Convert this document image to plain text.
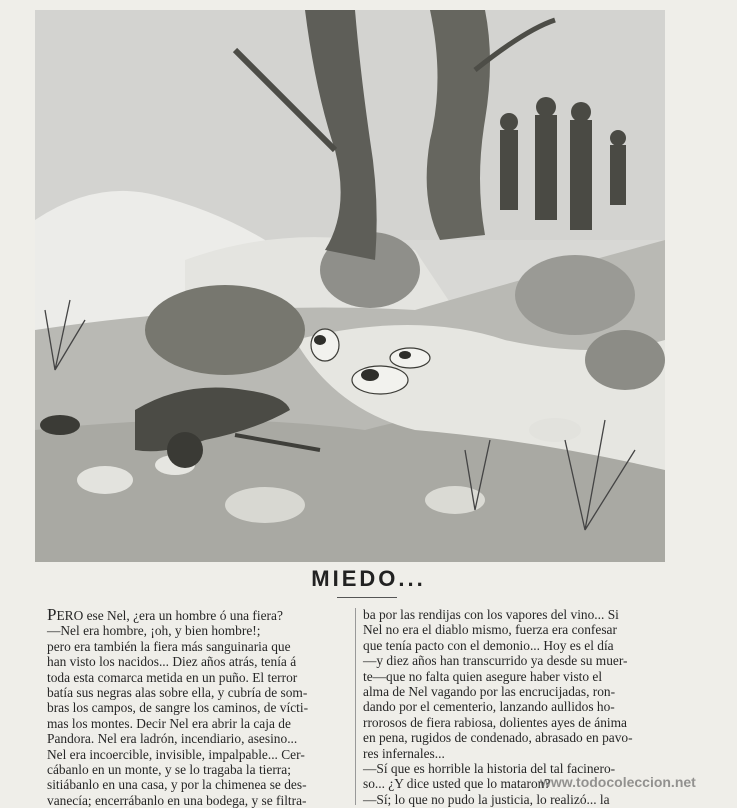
MIEDO...

PERO ese Nel, ¿era un hombre ó una fiera?

—Nel era hombre, ¡oh, y bien hombre!;

pero era también la fiera más sanguinaria que

han visto los nacidos... Diez años atrás, tenía á

toda esta comarca metida en un puño. El terror

batía sus negras alas sobre ella, y cubría de som-

bras los campos, de sangre los caminos, de vícti-

mas los montes. Decir Nel era abrir la caja de

Pandora. Nel era ladrón, incendiario, asesino...

Nel era incoercible, invisible, impalpable... Cer-

cábanlo en un monte, y se lo tragaba la tierra;

sitiábanlo en una casa, y por la chimenea se des-

vanecía; encerrábanlo en una bodega, y se filtra-

ba por las rendijas con los vapores del vino... Si

Nel no era el diablo mismo, fuerza era confesar

que tenía pacto con el demonio... Hoy es el día

—y diez años han transcurrido ya desde su muer-

te—que no falta quien asegure haber visto el

alma de Nel vagando por las encrucijadas, ron-

dando por el cementerio, lanzando aullidos ho-

rrorosos de fiera rabiosa, dolientes ayes de ánima

en pena, rugidos de condenado, abrasado en pavo-

res infernales...

—Sí que es horrible la historia del tal facinero-

so... ¿Y dice usted que lo mataron?

—Sí; lo que no pudo la justicia, lo realizó... la

www.todocoleccion.net
